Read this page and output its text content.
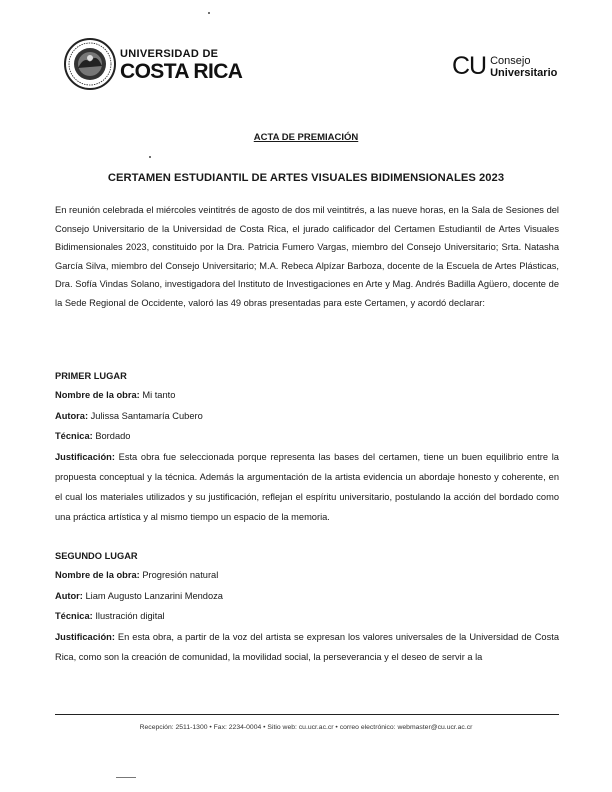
UNIVERSIDAD DE
COSTA RICA	CU Consejo
Universitario
ACTA DE PREMIACIÓN
CERTAMEN ESTUDIANTIL DE ARTES VISUALES BIDIMENSIONALES 2023

En reunión celebrada el miércoles veintitrés de agosto de dos mil veintitrés, a las nueve horas, en la Sala de Sesiones del Consejo Universitario de la Universidad de Costa Rica, el jurado calificador del Certamen Estudiantil de Artes Visuales Bidimensionales 2023, constituido por la Dra. Patricia Fumero Vargas, miembro del Consejo Universitario; Srta. Natasha García Silva, miembro del Consejo Universitario; M.A. Rebeca Alpízar Barboza, docente de la Escuela de Artes Plásticas, Dra. Sofía Vindas Solano, investigadora del Instituto de Investigaciones en Arte y Mag. Andrés Badilla Agüero, docente de la Sede Regional de Occidente, valoró las 49 obras presentadas para este Certamen, y acordó declarar:

PRIMER LUGAR
Nombre de la obra: Mi tanto
Autora: Julissa Santamaría Cubero
Técnica: Bordado
Justificación: Esta obra fue seleccionada porque representa las bases del certamen, tiene un buen equilibrio entre la propuesta conceptual y la técnica. Además la argumentación de la artista evidencia un abordaje honesto y coherente, en el cual los materiales utilizados y su justificación, reflejan el espíritu universitario, postulando la acción del bordado como una práctica artística y al mismo tiempo un espacio de la memoria.
SEGUNDO LUGAR
Nombre de la obra: Progresión natural
Autor: Liam Augusto Lanzarini Mendoza
Técnica: Ilustración digital
Justificación: En esta obra, a partir de la voz del artista se expresan los valores universales de la Universidad de Costa Rica, como son la creación de comunidad, la movilidad social, la perseverancia y el deseo de servir a la
Recepción: 2511-1300 • Fax: 2234-0004 • Sitio web: cu.ucr.ac.cr • correo electrónico: webmaster@cu.ucr.ac.cr
